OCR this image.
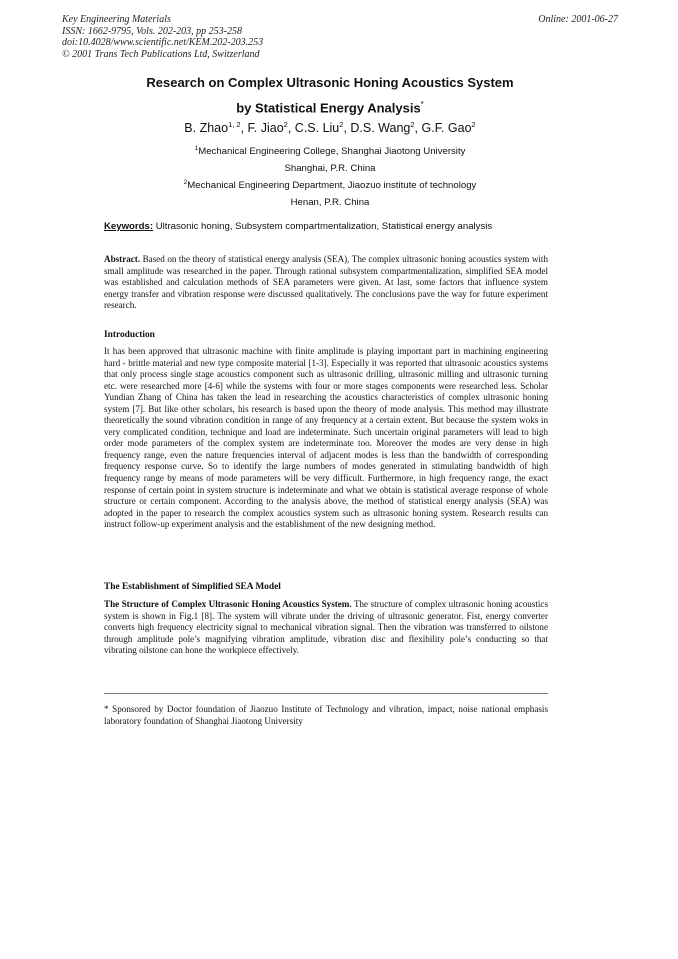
Key Engineering Materials
ISSN: 1662-9795, Vols. 202-203, pp 253-258
doi:10.4028/www.scientific.net/KEM.202-203.253
© 2001 Trans Tech Publications Ltd, Switzerland
Online: 2001-06-27
Research on Complex Ultrasonic Honing Acoustics System
by Statistical Energy Analysis*
B. Zhao$^{1, 2}$, F. Jiao$^2$, C.S. Liu$^2$, D.S. Wang$^2$, G.F. Gao$^2$
$^1$Mechanical Engineering College, Shanghai Jiaotong University
Shanghai, P.R. China
$^2$Mechanical Engineering Department, Jiaozuo institute of technology
Henan, P.R. China
Keywords: Ultrasonic honing, Subsystem compartmentalization, Statistical energy analysis
Abstract. Based on the theory of statistical energy analysis (SEA), The complex ultrasonic honing acoustics system with small amplitude was researched in the paper. Through rational subsystem compartmentalization, simplified SEA model was established and calculation methods of SEA parameters were given. At last, some factors that influence system energy transfer and vibration response were discussed qualitatively. The conclusions pave the way for future experiment research.
Introduction
It has been approved that ultrasonic machine with finite amplitude is playing important part in machining engineering hard - brittle material and new type composite material [1-3]. Especially it was reported that ultrasonic acoustics systems that only process single stage acoustics component such as ultrasonic drilling, ultrasonic milling and ultrasonic turning etc. were researched more [4-6] while the systems with four or more stages components were researched less. Scholar Yundian Zhang of China has taken the lead in researching the acoustics characteristics of complex ultrasonic honing system [7]. But like other scholars, his research is based upon the theory of mode analysis. This method may illustrate theoretically the sound vibration condition in range of any frequency at a certain extent. But because the system woks in very complicated condition, technique and load are indeterminate. Such uncertain original parameters will lead to high order mode parameters of the complex system are indeterminate too. Moreover the modes are very dense in high frequency range, even the nature frequencies interval of adjacent modes is less than the bandwidth of corresponding frequency response curve. So to identify the large numbers of modes generated in stimulating bandwidth of high frequency range by means of mode parameters will be very difficult. Furthermore, in high frequency range, the exact response of certain point in system structure is indeterminate and what we obtain is statistical average response of whole structure or certain component. According to the analysis above, the method of statistical energy analysis (SEA) was adopted in the paper to research the complex acoustics system such as ultrasonic honing system. Research results can instruct follow-up experiment analysis and the establishment of the new designing method.
The Establishment of Simplified SEA Model
The Structure of Complex Ultrasonic Honing Acoustics System. The structure of complex ultrasonic honing acoustics system is shown in Fig.1 [8]. The system will vibrate under the driving of ultrasonic generator. Fist, energy converter converts high frequency electricity signal to mechanical vibration signal. Then the vibration was transferred to oilstone through amplitude pole’s magnifying vibration amplitude, vibration disc and flexibility pole’s conducting so that vibrating oilstone can hone the workpiece effectively.
* Sponsored by Doctor foundation of Jiaozuo Institute of Technology and vibration, impact, noise national emphasis laboratory foundation of Shanghai Jiaotong University
